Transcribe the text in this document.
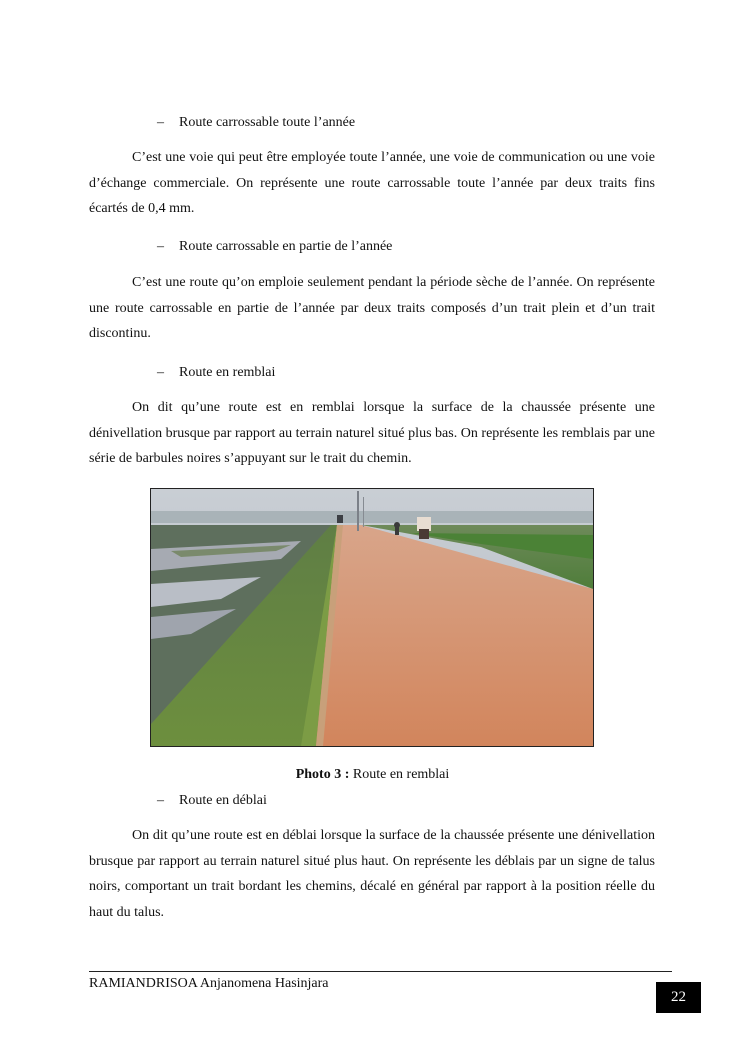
– Route carrossable toute l’année
C’est une voie qui peut être employée toute l’année, une voie de communication ou une voie d’échange commerciale. On représente une route carrossable toute l’année par deux traits fins écartés de 0,4 mm.
– Route carrossable en partie de l’année
C’est une route qu’on emploie seulement pendant la période sèche de l’année. On représente une route carrossable en partie de l’année par deux traits composés d’un trait plein et d’un trait discontinu.
– Route en remblai
On dit qu’une route est en remblai lorsque la surface de la chaussée présente une dénivellation brusque par rapport au terrain naturel situé plus bas. On représente les remblais par une série de barbules noires s’appuyant sur le trait du chemin.
Photo 3 : Route en remblai
– Route en déblai
On dit qu’une route est en déblai lorsque la surface de la chaussée présente une dénivellation brusque par rapport au terrain naturel situé plus haut. On représente les déblais par un signe de talus noirs, comportant un trait bordant les chemins, décalé en général par rapport à la position réelle du haut du talus.
RAMIANDRISOA Anjanomena Hasinjara
22
